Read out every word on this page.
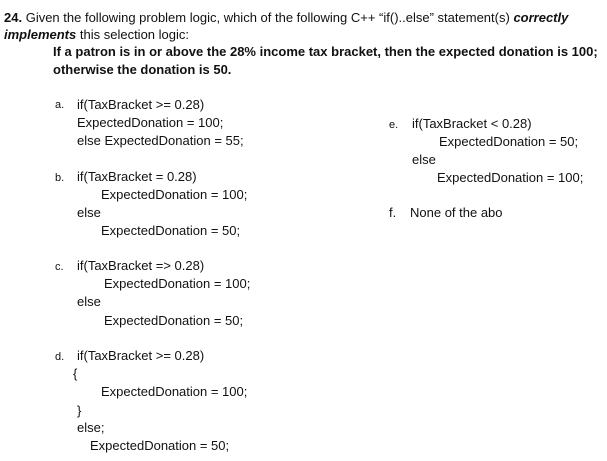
24. Given the following problem logic, which of the following C++ “if()..else” statement(s) correctly
implements this selection logic:
If a patron is in or above the 28% income tax bracket, then the expected donation is 100;
otherwise the donation is 50.
a. if(TaxBracket >= 0.28)
ExpectedDonation = 100;
else ExpectedDonation = 55;
b. if(TaxBracket = 0.28)
ExpectedDonation = 100;
else
ExpectedDonation = 50;
c. if(TaxBracket => 0.28)
ExpectedDonation = 100;
else
ExpectedDonation = 50;
d. if(TaxBracket >= 0.28)
{
ExpectedDonation = 100;
}
else;
ExpectedDonation = 50;
e. if(TaxBracket < 0.28)
ExpectedDonation = 50;
else
ExpectedDonation = 100;
f. None of the abo
